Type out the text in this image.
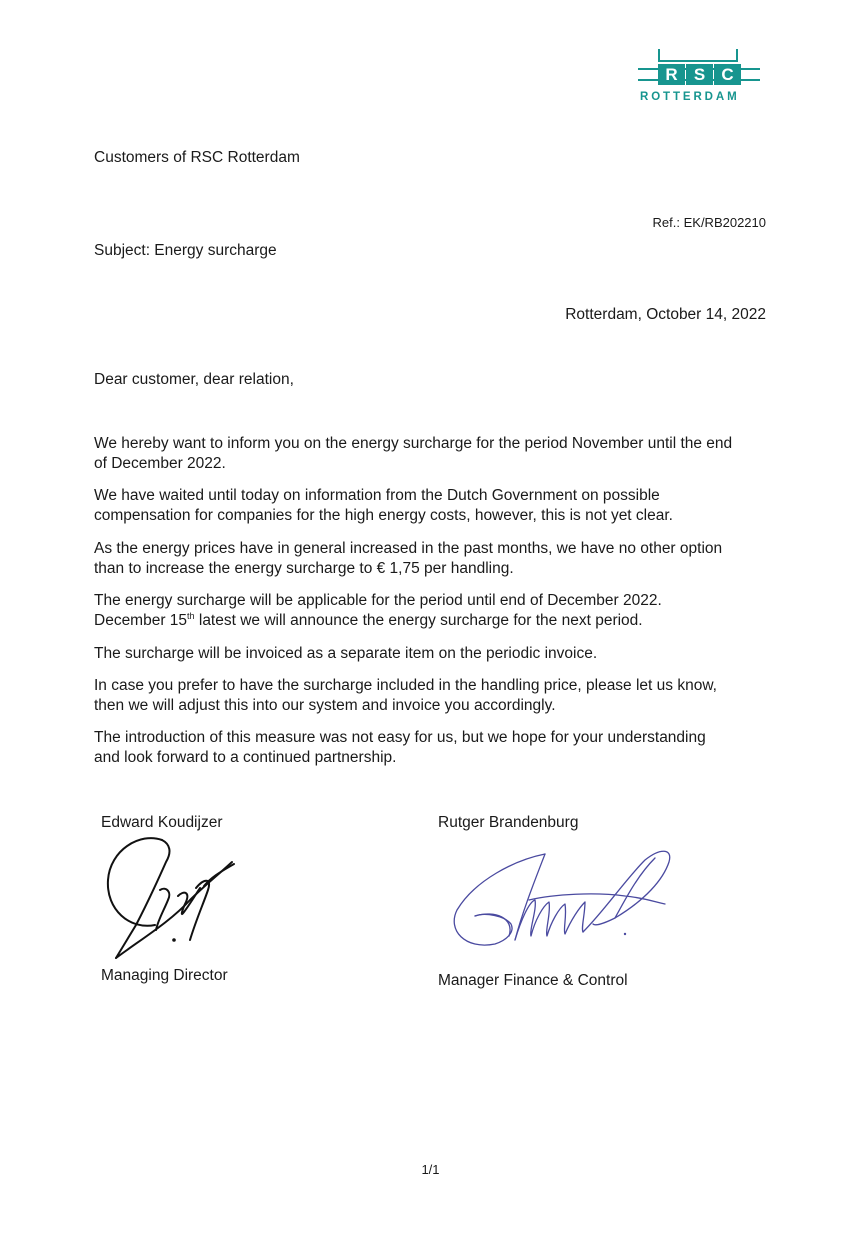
R S C
ROTTERDAM
Customers of RSC Rotterdam
Ref.: EK/RB202210
Subject: Energy surcharge
Rotterdam, October 14, 2022
Dear customer, dear relation,
We hereby want to inform you on the energy surcharge for the period November until the end
of December 2022.
We have waited until today on information from the Dutch Government on possible
compensation for companies for the high energy costs, however, this is not yet clear.
As the energy prices have in general increased in the past months, we have no other option
than to increase the energy surcharge to € 1,75 per handling.
The energy surcharge will be applicable for the period until end of December 2022.
December 15th latest we will announce the energy surcharge for the next period.
The surcharge will be invoiced as a separate item on the periodic invoice.
In case you prefer to have the surcharge included in the handling price, please let us know,
then we will adjust this into our system and invoice you accordingly.
The introduction of this measure was not easy for us, but we hope for your understanding
and look forward to a continued partnership.
Edward Koudijzer
Managing Director
Rutger Brandenburg
Manager Finance & Control
1/1
